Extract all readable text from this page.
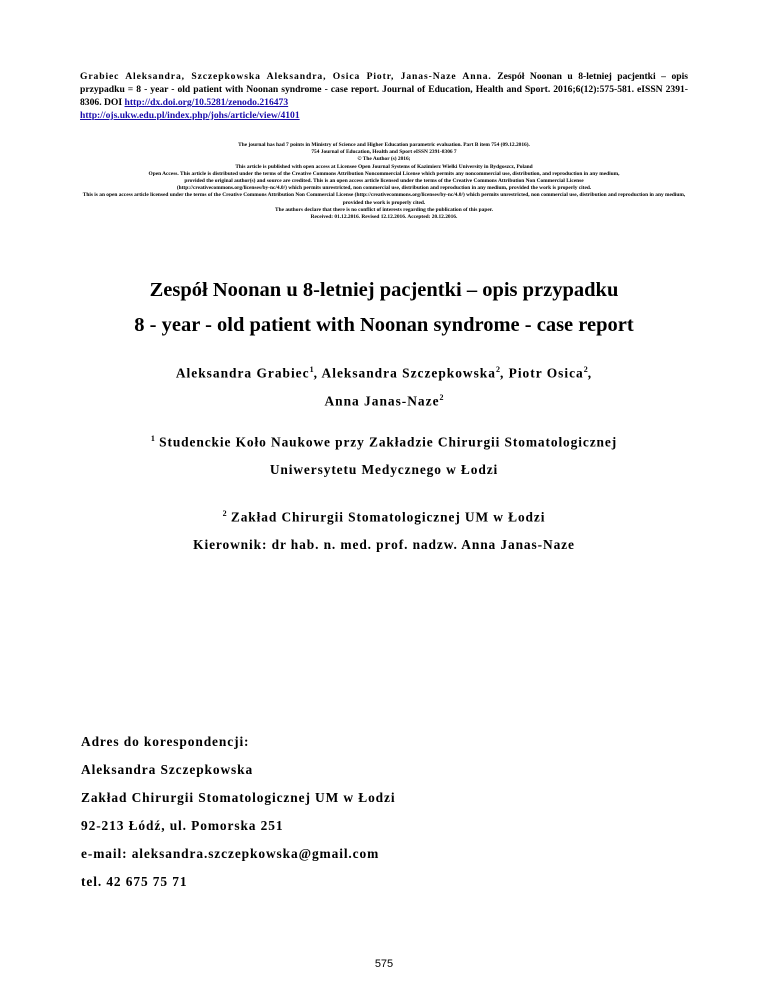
Grabiec Aleksandra, Szczepkowska Aleksandra, Osica Piotr, Janas-Naze Anna. Zespół Noonan u 8-letniej pacjentki – opis przypadku = 8 - year - old patient with Noonan syndrome - case report. Journal of Education, Health and Sport. 2016;6(12):575-581. eISSN 2391-8306. DOI http://dx.doi.org/10.5281/zenodo.216473
http://ojs.ukw.edu.pl/index.php/johs/article/view/4101
The journal has had 7 points in Ministry of Science and Higher Education parametric evaluation. Part B item 754 (09.12.2016).
754 Journal of Education, Health and Sport eISSN 2391-8306 7
© The Author (s) 2016;
This article is published with open access at Licensee Open Journal Systems of Kazimierz Wielki University in Bydgoszcz, Poland
Open Access. This article is distributed under the terms of the Creative Commons Attribution Noncommercial License which permits any noncommercial use, distribution, and reproduction in any medium,
provided the original author(s) and source are credited. This is an open access article licensed under the terms of the Creative Commons Attribution Non Commercial License
(http://creativecommons.org/licenses/by-nc/4.0/) which permits unrestricted, non commercial use, distribution and reproduction in any medium, provided the work is properly cited.
This is an open access article licensed under the terms of the Creative Commons Attribution Non Commercial License (http://creativecommons.org/licenses/by-nc/4.0/) which permits unrestricted, non commercial use, distribution and reproduction in any medium, provided the work is properly cited.
The authors declare that there is no conflict of interests regarding the publication of this paper.
Received: 01.12.2016. Revised 12.12.2016. Accepted: 20.12.2016.
Zespół Noonan u 8-letniej pacjentki – opis przypadku
8 - year - old patient with Noonan syndrome - case report
Aleksandra Grabiec$^1$, Aleksandra Szczepkowska$^2$, Piotr Osica$^2$,
Anna Janas-Naze$^2$
$^1$ Studenckie Koło Naukowe przy Zakładzie Chirurgii Stomatologicznej
Uniwersytetu Medycznego w Łodzi
$^2$ Zakład Chirurgii Stomatologicznej UM w Łodzi
Kierownik: dr hab. n. med. prof. nadzw. Anna Janas-Naze
Adres do korespondencji:
Aleksandra Szczepkowska
Zakład Chirurgii Stomatologicznej UM w Łodzi
92-213 Łódź, ul. Pomorska 251
e-mail: aleksandra.szczepkowska@gmail.com
tel. 42 675 75 71
575
